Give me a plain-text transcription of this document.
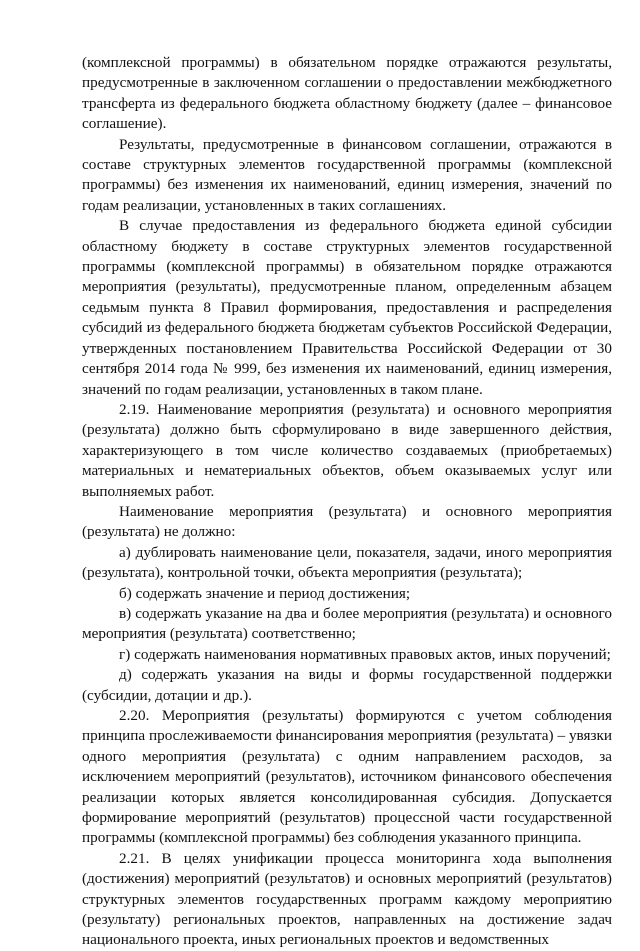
(комплексной программы) в обязательном порядке отражаются результаты, предусмотренные в заключенном соглашении о предоставлении межбюджетного трансферта из федерального бюджета областному бюджету (далее – финансовое соглашение).

Результаты, предусмотренные в финансовом соглашении, отражаются в составе структурных элементов государственной программы (комплексной программы) без изменения их наименований, единиц измерения, значений по годам реализации, установленных в таких соглашениях.

В случае предоставления из федерального бюджета единой субсидии областному бюджету в составе структурных элементов государственной программы (комплексной программы) в обязательном порядке отражаются мероприятия (результаты), предусмотренные планом, определенным абзацем седьмым пункта 8 Правил формирования, предоставления и распределения субсидий из федерального бюджета бюджетам субъектов Российской Федерации, утвержденных постановлением Правительства Российской Федерации от 30 сентября 2014 года № 999, без изменения их наименований, единиц измерения, значений по годам реализации, установленных в таком плане.

2.19. Наименование мероприятия (результата) и основного мероприятия (результата) должно быть сформулировано в виде завершенного действия, характеризующего в том числе количество создаваемых (приобретаемых) материальных и нематериальных объектов, объем оказываемых услуг или выполняемых работ.

Наименование мероприятия (результата) и основного мероприятия (результата) не должно:

а) дублировать наименование цели, показателя, задачи, иного мероприятия (результата), контрольной точки, объекта мероприятия (результата);

б) содержать значение и период достижения;

в) содержать указание на два и более мероприятия (результата) и основного мероприятия (результата) соответственно;

г) содержать наименования нормативных правовых актов, иных поручений;

д) содержать указания на виды и формы государственной поддержки (субсидии, дотации и др.).

2.20. Мероприятия (результаты) формируются с учетом соблюдения принципа прослеживаемости финансирования мероприятия (результата) – увязки одного мероприятия (результата) с одним направлением расходов, за исключением мероприятий (результатов), источником финансового обеспечения реализации которых является консолидированная субсидия. Допускается формирование мероприятий (результатов) процессной части государственной программы (комплексной программы) без соблюдения указанного принципа.

2.21. В целях унификации процесса мониторинга хода выполнения (достижения) мероприятий (результатов) и основных мероприятий (результатов) структурных элементов государственных программ каждому мероприятию (результату) региональных проектов, направленных на достижение задач национального проекта, иных региональных проектов и ведомственных
